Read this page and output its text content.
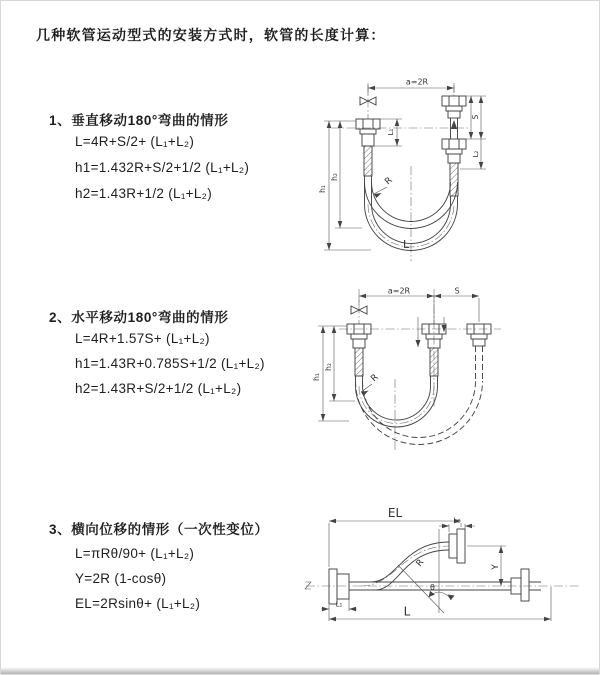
几种软管运动型式的安装方式时，软管的长度计算：
1、垂直移动180°弯曲的情形
L=4R+S/2+ (L₁+L₂)
h1=1.432R+S/2+1/2 (L₁+L₂)
h2=1.43R+1/2 (L₁+L₂)
2、水平移动180°弯曲的情形
L=4R+1.57S+ (L₁+L₂)
h1=1.43R+0.785S+1/2 (L₁+L₂)
h2=1.43R+S/2+1/2 (L₁+L₂)
3、横向位移的情形（一次性变位）
L=πRθ/90+ (L₁+L₂)
Y=2R (1-cosθ)
EL=2Rsinθ+ (L₁+L₂)
a=2R
h₁
h₂
L₁
S
L₂
R
L
a=2R	S
h₁
h₂
R
EL
L₂
Y
L
L₁
θ
R
